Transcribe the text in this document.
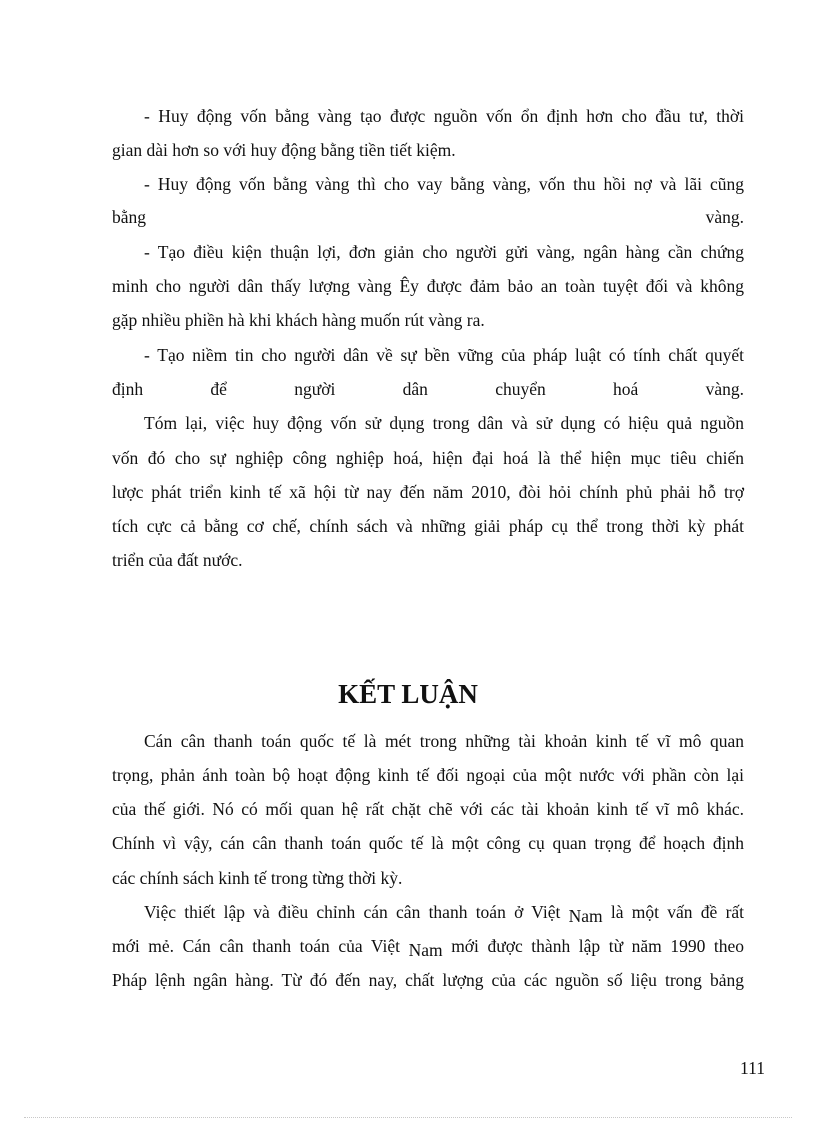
- Huy động vốn bằng vàng tạo được nguồn vốn ổn định hơn cho đầu tư, thời
gian dài hơn so với huy động bằng tiền tiết kiệm.
- Huy động vốn bằng vàng thì cho vay bằng vàng, vốn thu hồi nợ và lãi cũng
bằng vàng.
- Tạo điều kiện thuận lợi, đơn giản cho người gửi vàng, ngân hàng cần chứng
minh cho người dân thấy lượng vàng Êy được đảm bảo an toàn tuyệt đối và không
gặp nhiều phiền hà khi khách hàng muốn rút vàng ra.
- Tạo niềm tin cho người dân về sự bền vững của pháp luật có tính chất quyết
định để người dân chuyển hoá vàng.
Tóm lại, việc huy động vốn sử dụng trong dân và sử dụng có hiệu quả nguồn
vốn đó cho sự nghiệp công nghiệp hoá, hiện đại hoá là thể hiện mục tiêu chiến
lược phát triển kinh tế xã hội từ nay đến năm 2010, đòi hỏi chính phủ phải hỗ trợ
tích cực cả bằng cơ chế, chính sách và những giải pháp cụ thể trong thời kỳ phát
triển của đất nước.
KẾT LUẬN
Cán cân thanh toán quốc tế là mét trong những tài khoản kinh tế vĩ mô quan
trọng, phản ánh toàn bộ hoạt động kinh tế đối ngoại của một nước với phần còn lại
của thế giới. Nó có mối quan hệ rất chặt chẽ với các tài khoản kinh tế vĩ mô khác.
Chính vì vậy, cán cân thanh toán quốc tế là một công cụ quan trọng để hoạch định
các chính sách kinh tế trong từng thời kỳ.
Việc thiết lập và điều chỉnh cán cân thanh toán ở Việt Nam là một vấn đề rất
mới mẻ. Cán cân thanh toán của Việt Nam mới được thành lập từ năm 1990 theo
Pháp lệnh ngân hàng. Từ đó đến nay, chất lượng của các nguồn số liệu trong bảng
111
